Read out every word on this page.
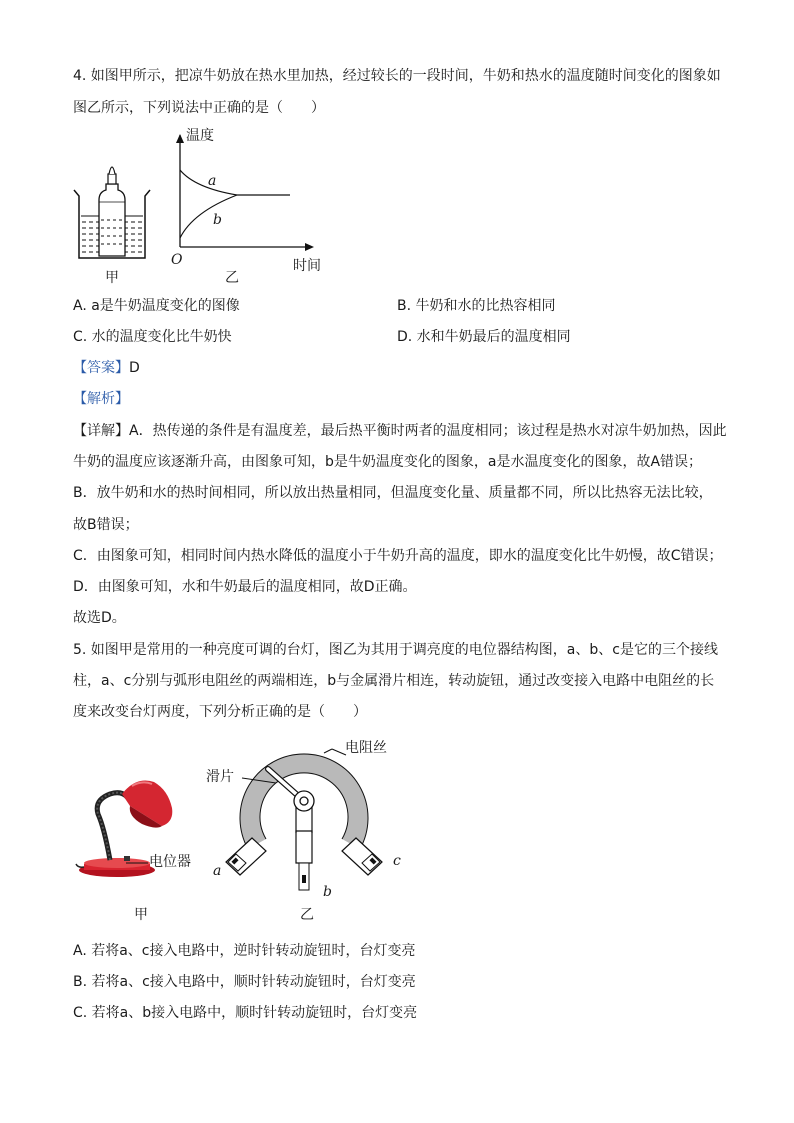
4. 如图甲所示，把凉牛奶放在热水里加热，经过较长的一段时间，牛奶和热水的温度随时间变化的图象如
图乙所示，下列说法中正确的是（　　）
甲
温度
a
b
O	时间
乙
A. a是牛奶温度变化的图像	B. 牛奶和水的比热容相同
C. 水的温度变化比牛奶快	D. 水和牛奶最后的温度相同
【答案】D
【解析】
【详解】A．热传递的条件是有温度差，最后热平衡时两者的温度相同；该过程是热水对凉牛奶加热，因此
牛奶的温度应该逐渐升高，由图象可知，b是牛奶温度变化的图象，a是水温度变化的图象，故A错误；
B．放牛奶和水的热时间相同，所以放出热量相同，但温度变化量、质量都不同，所以比热容无法比较，
故B错误；
C．由图象可知，相同时间内热水降低的温度小于牛奶升高的温度，即水的温度变化比牛奶慢，故C错误；
D．由图象可知，水和牛奶最后的温度相同，故D正确。
故选D。
5. 如图甲是常用的一种亮度可调的台灯，图乙为其用于调亮度的电位器结构图，a、b、c是它的三个接线
柱，a、c分别与弧形电阻丝的两端相连，b与金属滑片相连，转动旋钮，通过改变接入电路中电阻丝的长
度来改变台灯两度，下列分析正确的是（　　）
电位器
甲
电阻丝
滑片
a
b
c
乙
A. 若将a、c接入电路中，逆时针转动旋钮时，台灯变亮
B. 若将a、c接入电路中，顺时针转动旋钮时，台灯变亮
C. 若将a、b接入电路中，顺时针转动旋钮时，台灯变亮
